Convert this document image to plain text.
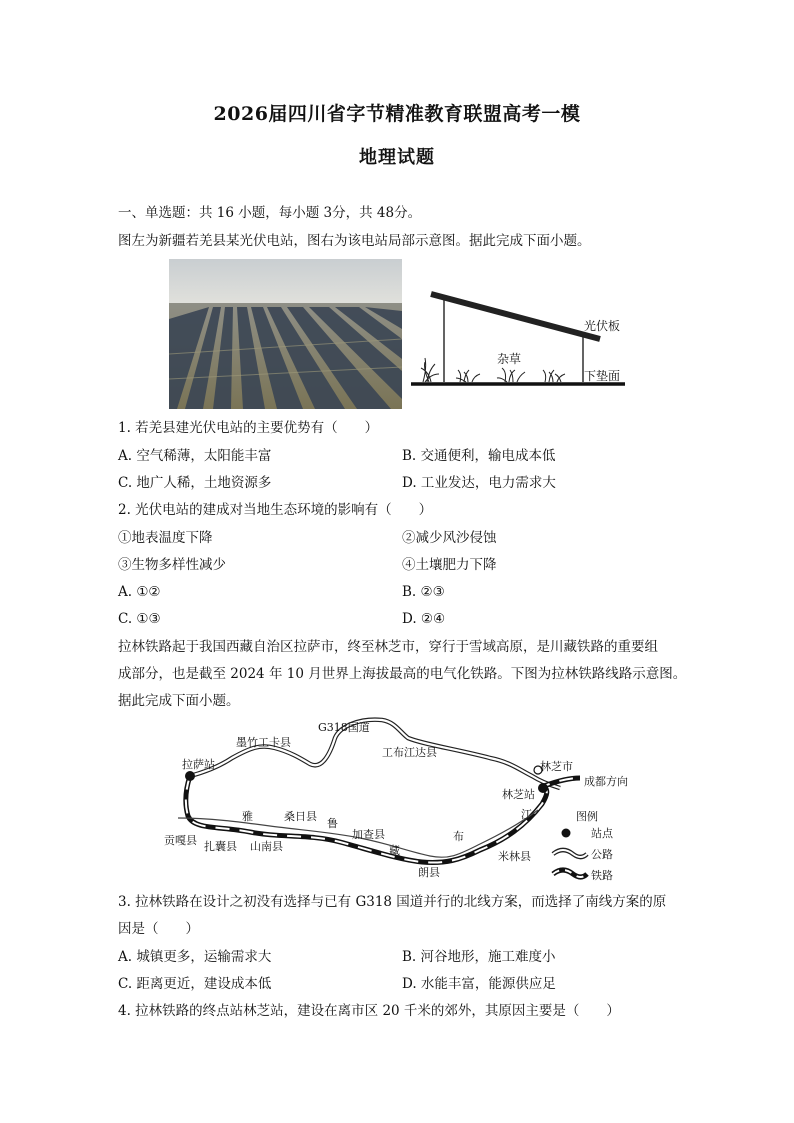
2026届四川省字节精准教育联盟高考一模
地理试题
一、单选题：共 16 小题，每小题 3分，共 48分。
图左为新疆若羌县某光伏电站，图右为该电站局部示意图。据此完成下面小题。
光伏板
杂草
下垫面
1. 若羌县建光伏电站的主要优势有（　　）
A. 空气稀薄，太阳能丰富	B. 交通便利，输电成本低
C. 地广人稀，土地资源多	D. 工业发达，电力需求大
2. 光伏电站的建成对当地生态环境的影响有（　　）
①地表温度下降	②减少风沙侵蚀
③生物多样性减少	④土壤肥力下降
A. ①②	B. ②③
C. ①③	D. ②④
拉林铁路起于我国西藏自治区拉萨市，终至林芝市，穿行于雪域高原，是川藏铁路的重要组
成部分，也是截至 2024 年 10 月世界上海拔最高的电气化铁路。下图为拉林铁路线路示意图。
据此完成下面小题。
G318国道
墨竹工卡县
工布江达县
林芝市
成都方向
拉萨站
林芝站
贡嘎县 扎囊县 山南县
桑日县
加查县
朗县
米林县
雅
鲁
藏
布
江	图例
站点
公路
铁路
3. 拉林铁路在设计之初没有选择与已有 G318 国道并行的北线方案，而选择了南线方案的原
因是（　　）
A. 城镇更多，运输需求大	B. 河谷地形，施工难度小
C. 距离更近，建设成本低	D. 水能丰富，能源供应足
4. 拉林铁路的终点站林芝站，建设在离市区 20 千米的郊外，其原因主要是（　　）
